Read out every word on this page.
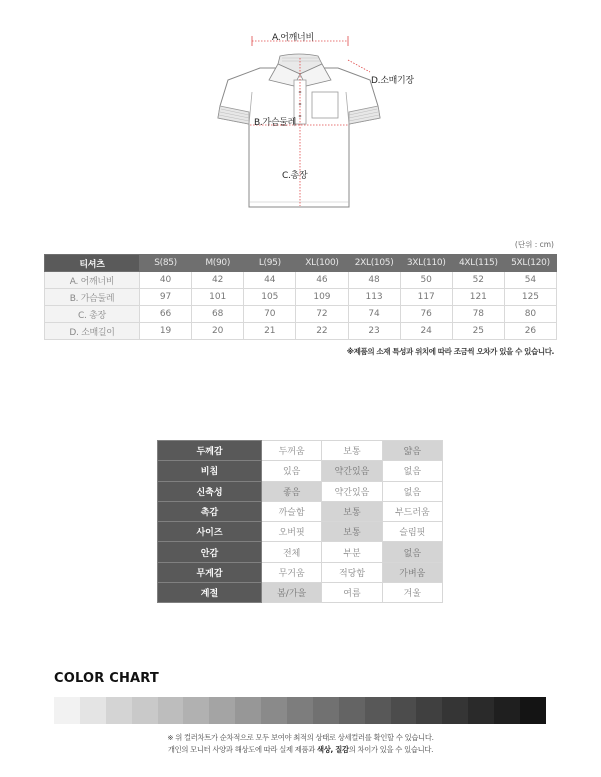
A.어깨너비
D.소매기장
B.가슴둘레
C.총장
(단위 : cm)
티셔츠	S(85)	M(90)	L(95)	XL(100)	2XL(105)	3XL(110)	4XL(115)	5XL(120)
A. 어깨너비	40	42	44	46	48	50	52	54
B. 가슴둘레	97	101	105	109	113	117	121	125
C. 총장	66	68	70	72	74	76	78	80
D. 소매길이	19	20	21	22	23	24	25	26
※제품의 소재 특성과 위치에 따라 조금씩 오차가 있을 수 있습니다.
두께감	두꺼움	보통	얇음
비침	있음	약간있음	없음
신축성	좋음	약간있음	없음
촉감	까슬함	보통	부드러움
사이즈	오버핏	보통	슬림핏
안감	전체	부분	없음
무게감	무거움	적당함	가벼움
계절	봄/가을	여름	겨울
COLOR CHART
※ 위 컬러차트가 순차적으로 모두 보여야 최적의 상태로 상세컬러를 확인할 수 있습니다.
개인의 모니터 사양과 해상도에 따라 실제 제품과 색상, 질감의 차이가 있을 수 있습니다.
